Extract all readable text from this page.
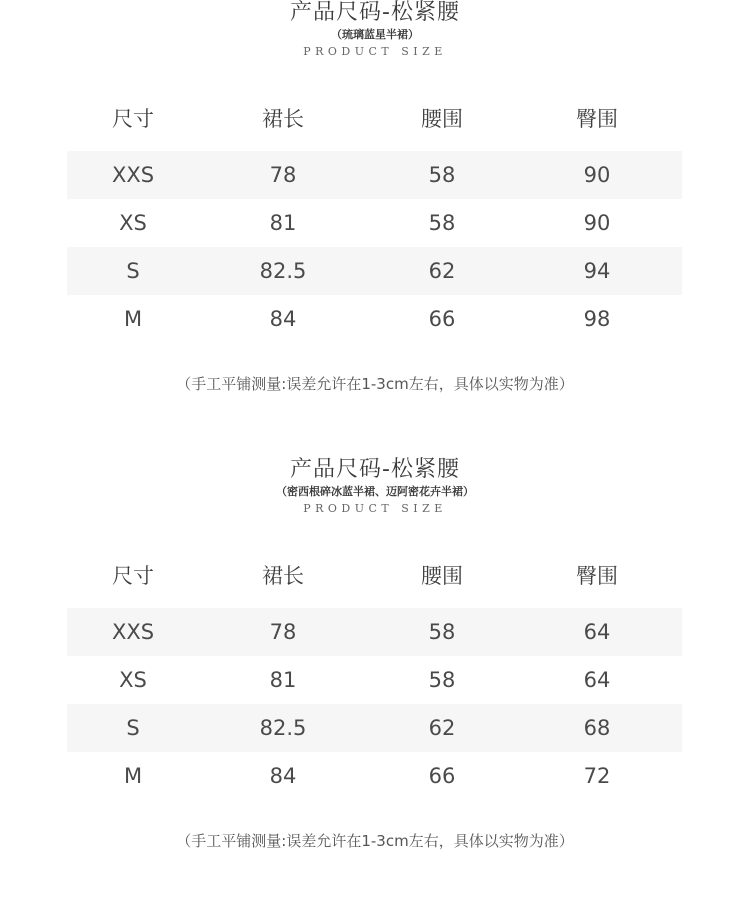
产品尺码-松紧腰
（琉璃蓝星半裙）
PRODUCT SIZE
尺寸	裙长	腰围	臀围
XXS	78	58	90
XS	81	58	90
S	82.5	62	94
M	84	66	98
（手工平铺测量:误差允许在1-3cm左右，具体以实物为准）
产品尺码-松紧腰
（密西根碎冰蓝半裙、迈阿密花卉半裙）
PRODUCT SIZE
尺寸	裙长	腰围	臀围
XXS	78	58	64
XS	81	58	64
S	82.5	62	68
M	84	66	72
（手工平铺测量:误差允许在1-3cm左右，具体以实物为准）
